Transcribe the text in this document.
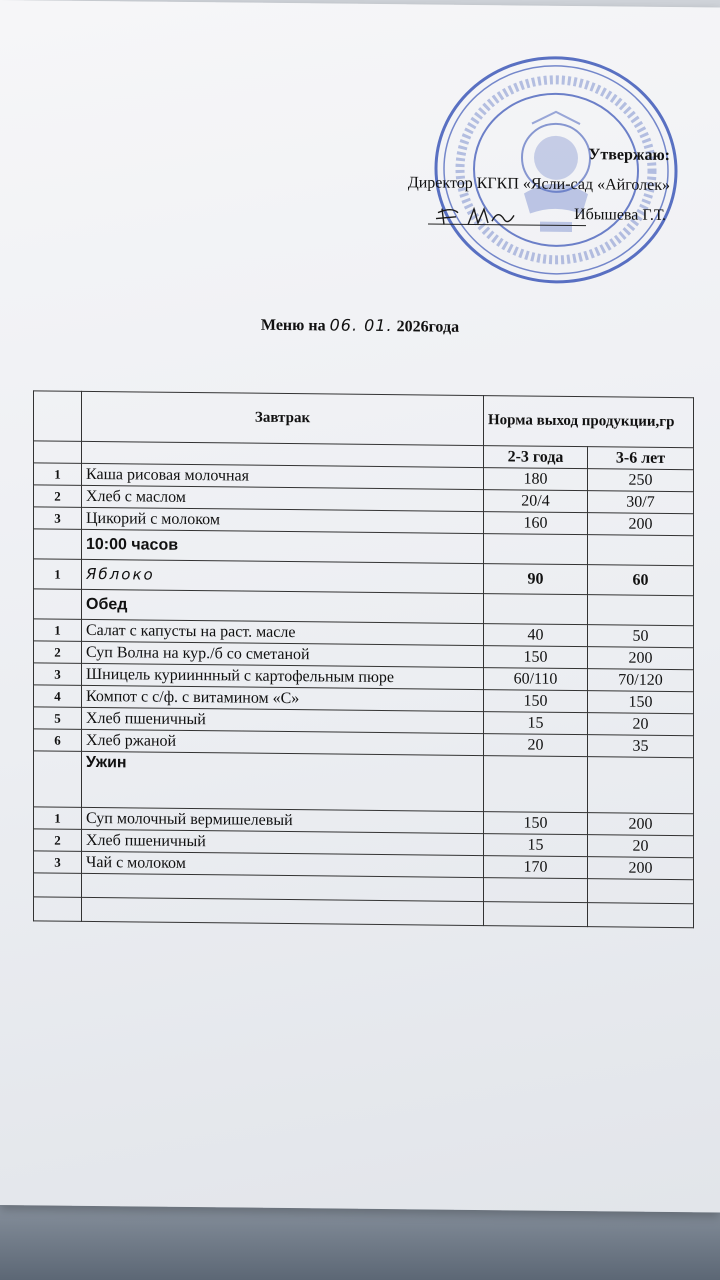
Утвержаю:
Директор КГКП «Ясли-сад «Айголек»
Ибышева Г.Т.
Меню на 06. 01. 2026года
	Завтрак	Норма выход продукции,гр	
		2-3 года	3-6 лет
1	Каша рисовая молочная	180	250
2	Хлеб с маслом	20/4	30/7
3	Цикорий с молоком	160	200
	10:00 часов		
1	Яблоко	90	60
	Обед		
1	Салат с капусты на раст. масле	40	50
2	Суп Волна на кур./б со сметаной	150	200
3	Шницель курииннный с картофельным пюре	60/110	70/120
4	Компот с с/ф. с витамином «С»	150	150
5	Хлеб пшеничный	15	20
6	Хлеб ржаной	20	35
	Ужин		
1	Суп молочный вермишелевый	150	200
2	Хлеб пшеничный	15	20
3	Чай с молоком	170	200
